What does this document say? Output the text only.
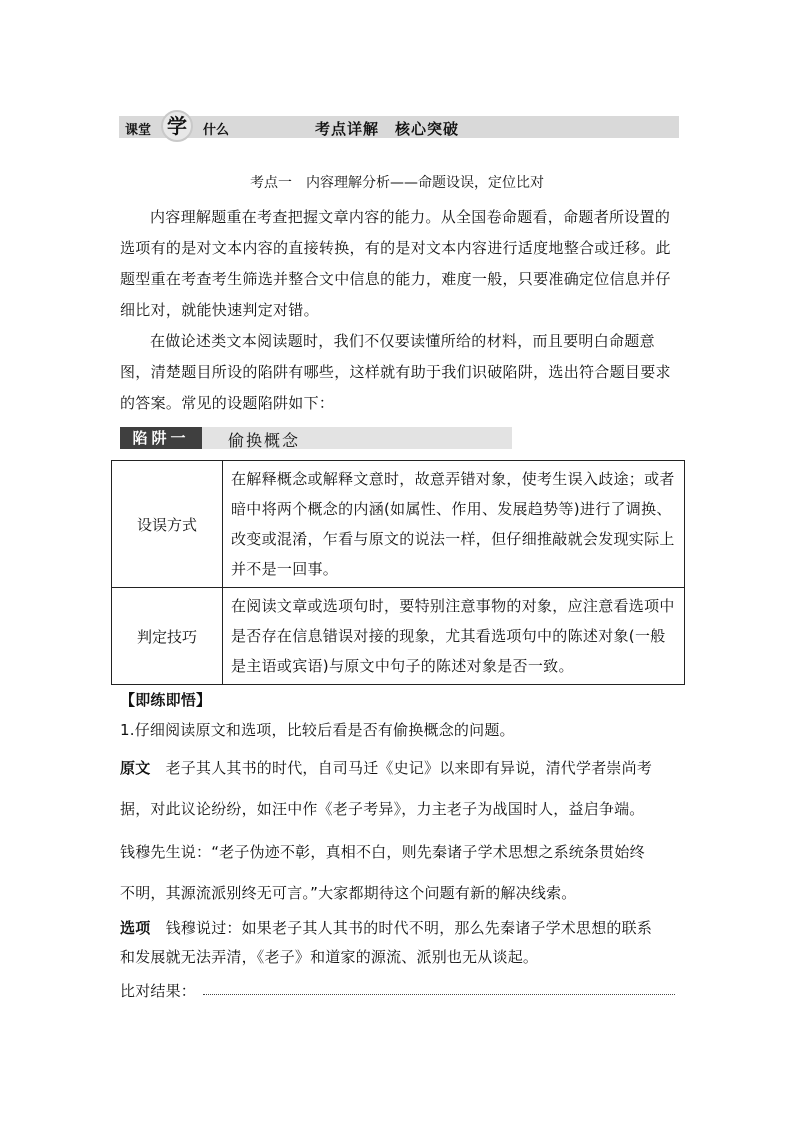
课堂 学	什么	考点详解　核心突破
考点一　内容理解分析——命题设误，定位比对

内容理解题重在考查把握文章内容的能力。从全国卷命题看，命题者所设置的选项有的是对文本内容的直接转换，有的是对文本内容进行适度地整合或迁移。此题型重在考查考生筛选并整合文中信息的能力，难度一般，只要准确定位信息并仔细比对，就能快速判定对错。

在做论述类文本阅读题时，我们不仅要读懂所给的材料，而且要明白命题意图，清楚题目所设的陷阱有哪些，这样就有助于我们识破陷阱，选出符合题目要求的答案。常见的设题陷阱如下：

陷阱一	偷换概念
设误方式	在解释概念或解释文意时，故意弄错对象，使考生误入歧途；或者暗中将两个概念的内涵(如属性、作用、发展趋势等)进行了调换、改变或混淆，乍看与原文的说法一样，但仔细推敲就会发现实际上并不是一回事。
判定技巧	在阅读文章或选项句时，要特别注意事物的对象，应注意看选项中是否存在信息错误对接的现象，尤其看选项句中的陈述对象(一般是主语或宾语)与原文中句子的陈述对象是否一致。
【即练即悟】
1.仔细阅读原文和选项，比较后看是否有偷换概念的问题。
原文　 老子其人其书的时代，自司马迁《史记》以来即有异说，清代学者崇尚考
据，对此议论纷纷，如汪中作《老子考异》，力主老子为战国时人，益启争端。
钱穆先生说：“老子伪迹不彰，真相不白，则先秦诸子学术思想之系统条贯始终
不明，其源流派别终无可言。”大家都期待这个问题有新的解决线索。
选项　 钱穆说过：如果老子其人其书的时代不明，那么先秦诸子学术思想的联系
和发展就无法弄清，《老子》和道家的源流、派别也无从谈起。
比对结果：
